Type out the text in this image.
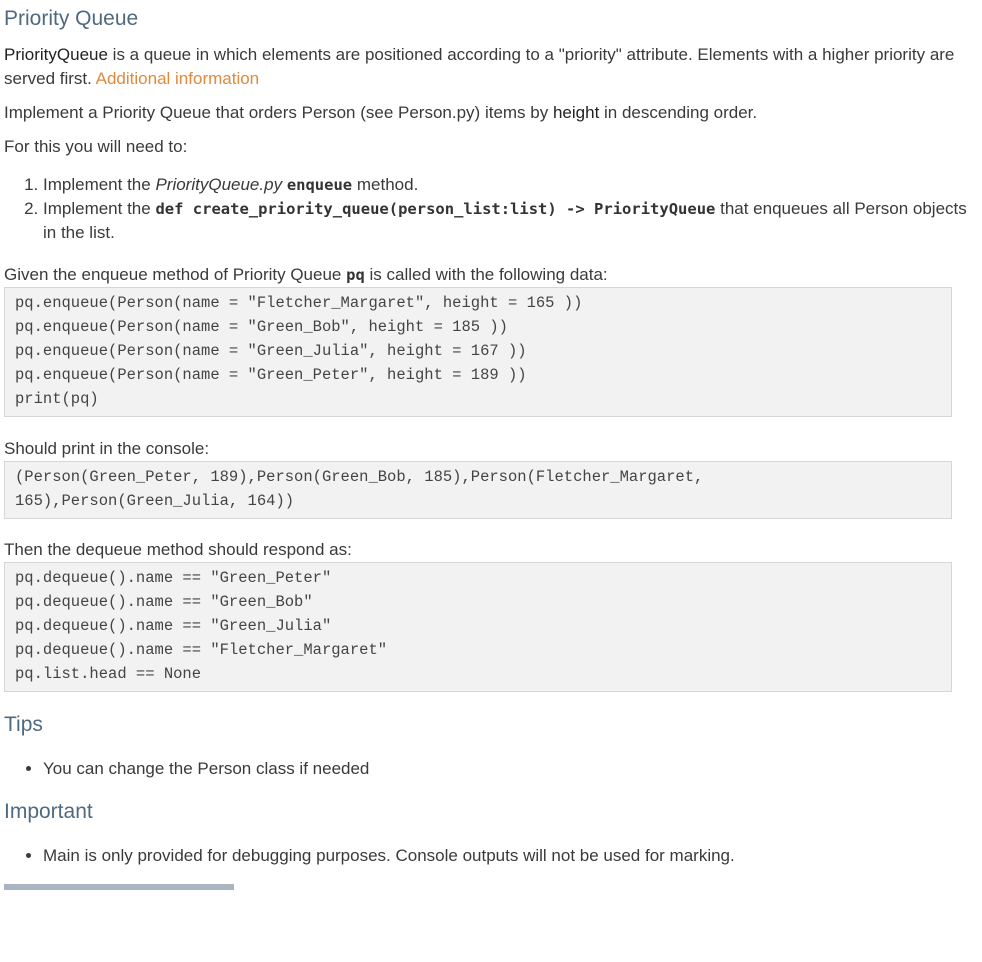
Priority Queue

PriorityQueue is a queue in which elements are positioned according to a "priority" attribute. Elements with a higher priority are served first. Additional information

Implement a Priority Queue that orders Person (see Person.py) items by height in descending order.

For this you will need to:

1. Implement the PriorityQueue.py enqueue method.
2. Implement the def create_priority_queue(person_list:list) -> PriorityQueue that enqueues all Person objects in the list.

Given the enqueue method of Priority Queue pq is called with the following data:

pq.enqueue(Person(name = "Fletcher_Margaret", height = 165 ))
pq.enqueue(Person(name = "Green_Bob", height = 185 ))
pq.enqueue(Person(name = "Green_Julia", height = 167 ))
pq.enqueue(Person(name = "Green_Peter", height = 189 ))
print(pq)

Should print in the console:

(Person(Green_Peter, 189),Person(Green_Bob, 185),Person(Fletcher_Margaret,
165),Person(Green_Julia, 164))

Then the dequeue method should respond as:

pq.dequeue().name == "Green_Peter"
pq.dequeue().name == "Green_Bob"
pq.dequeue().name == "Green_Julia"
pq.dequeue().name == "Fletcher_Margaret"
pq.list.head == None
Tips
• You can change the Person class if needed
Important
• Main is only provided for debugging purposes. Console outputs will not be used for marking.
